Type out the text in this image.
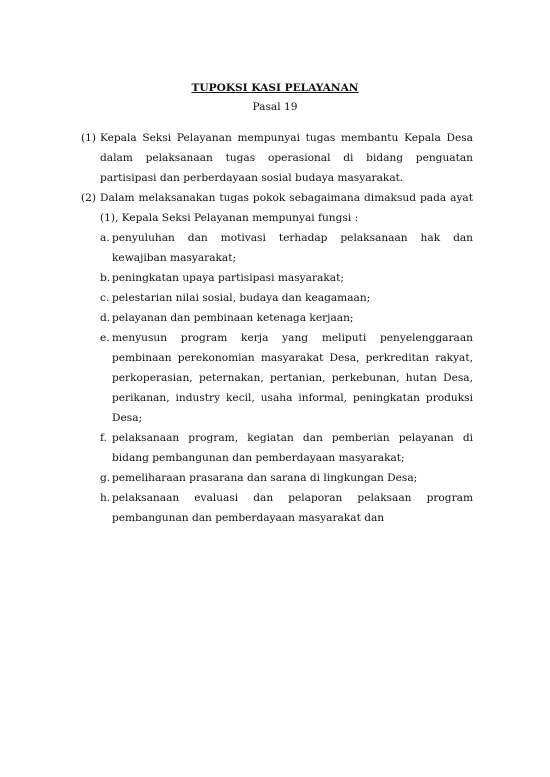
TUPOKSI KASI PELAYANAN
Pasal 19
(1) Kepala Seksi Pelayanan mempunyai tugas membantu Kepala Desa dalam pelaksanaan tugas operasional di bidang penguatan partisipasi dan perberdayaan sosial budaya masyarakat.
(2) Dalam melaksanakan tugas pokok sebagaimana dimaksud pada ayat (1), Kepala Seksi Pelayanan mempunyai fungsi :
a. penyuluhan dan motivasi terhadap pelaksanaan hak dan kewajiban masyarakat;
b. peningkatan upaya partisipasi masyarakat;
c. pelestarian nilai sosial, budaya dan keagamaan;
d. pelayanan dan pembinaan ketenaga kerjaan;
e. menyusun program kerja yang meliputi penyelenggaraan pembinaan perekonomian masyarakat Desa, perkreditan rakyat, perkoperasian, peternakan, pertanian, perkebunan, hutan Desa, perikanan, industry kecil, usaha informal, peningkatan produksi Desa;
f. pelaksanaan program, kegiatan dan pemberian pelayanan di bidang pembangunan dan pemberdayaan masyarakat;
g. pemeliharaan prasarana dan sarana di lingkungan Desa;
h. pelaksanaan evaluasi dan pelaporan pelaksaan program pembangunan dan pemberdayaan masyarakat dan
